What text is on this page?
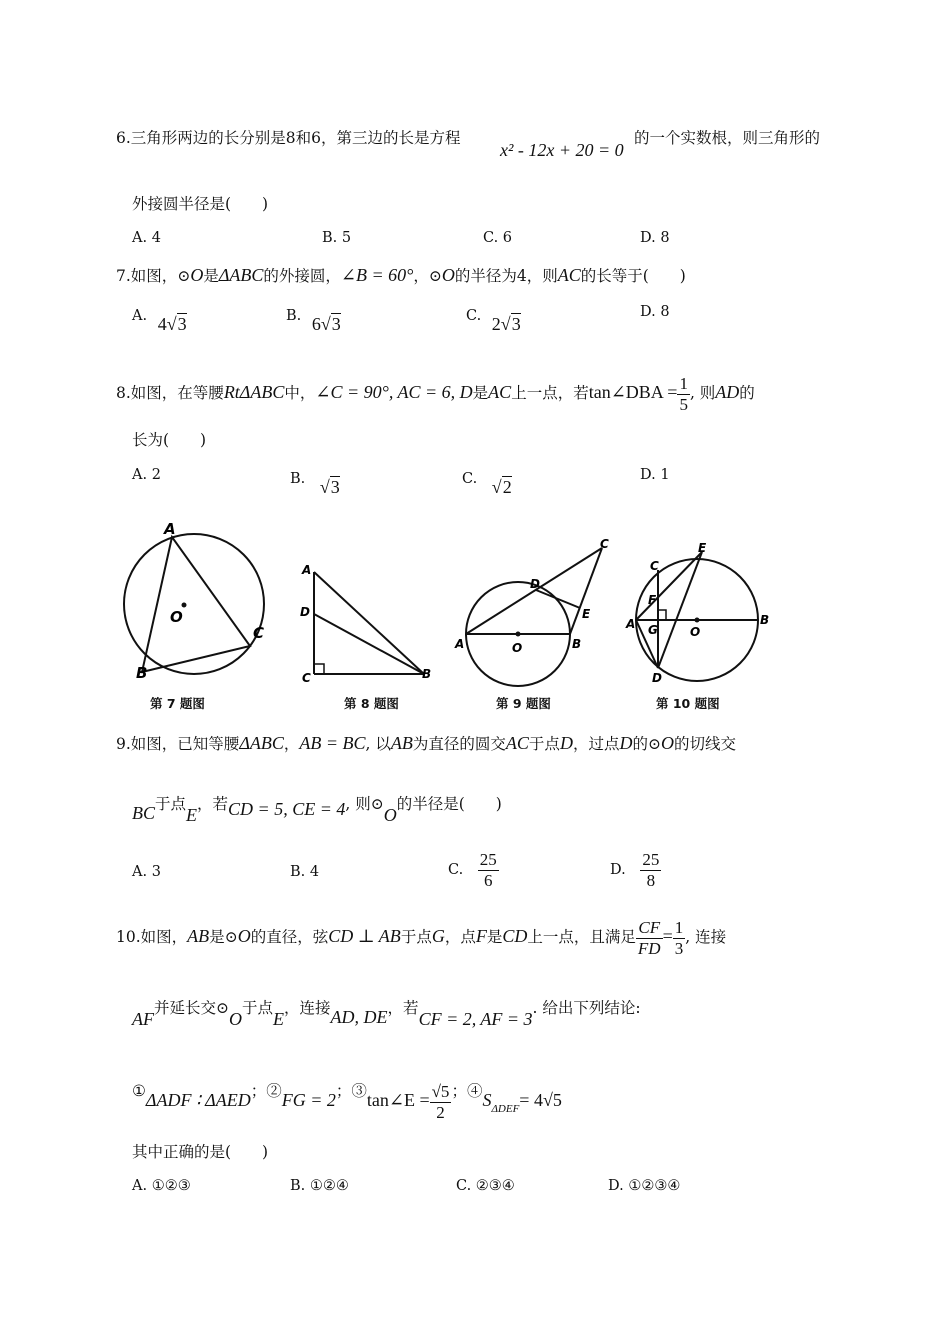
6.三角形两边的长分别是8和6，第三边的长是方程
x² - 12x + 20 = 0
的一个实数根，则三角形的
外接圆半径是(　　)
A. 4	B. 5	C. 6	D. 8
7.如图，⊙O是ΔABC的外接圆，∠B = 60°，⊙O的半径为4，则AC的长等于(　　)
A. 4√3	B. 6√3	C. 2√3
D. 8
8.如图，在等腰RtΔABC中，∠C = 90°, AC = 6, D是AC上一点，若tan∠DBA = $\frac{1}{5}$ , 则AD的
长为(　　)
A. 2	B. √3	C. √2
D. 1
A
B
C
O
第 7 题图
A
D
C	B
第 8 题图
A	O	B
D
C
E
第 9 题图
C
E
F
A G	O
B
D
第 10 题图
9.如图，已知等腰ΔABC，AB = BC, 以AB为直径的圆交AC于点D，过点D的⊙O的切线交
BC于点E，若CD = 5, CE = 4, 则⊙O的半径是(　　)
A. 3	B. 4	C. $\frac{25}{6}$	D. $\frac{25}{8}$
10.如图，AB是⊙O的直径，弦CD ⊥ AB于点G，点F是CD上一点，且满足 $\frac{CF}{FD} = \frac{1}{3}$ , 连接
AF并延长交⊙O于点E，连接AD, DE，若CF = 2, AF = 3. 给出下列结论:
①ΔADF ∶ ΔAED；②FG = 2；③tan∠E = $\frac{√5}{2}$ ；$④S_{\Delta DEF}= 4√5$
其中正确的是(　　)
A. ①②③	B. ①②④	C. ②③④	D. ①②③④
